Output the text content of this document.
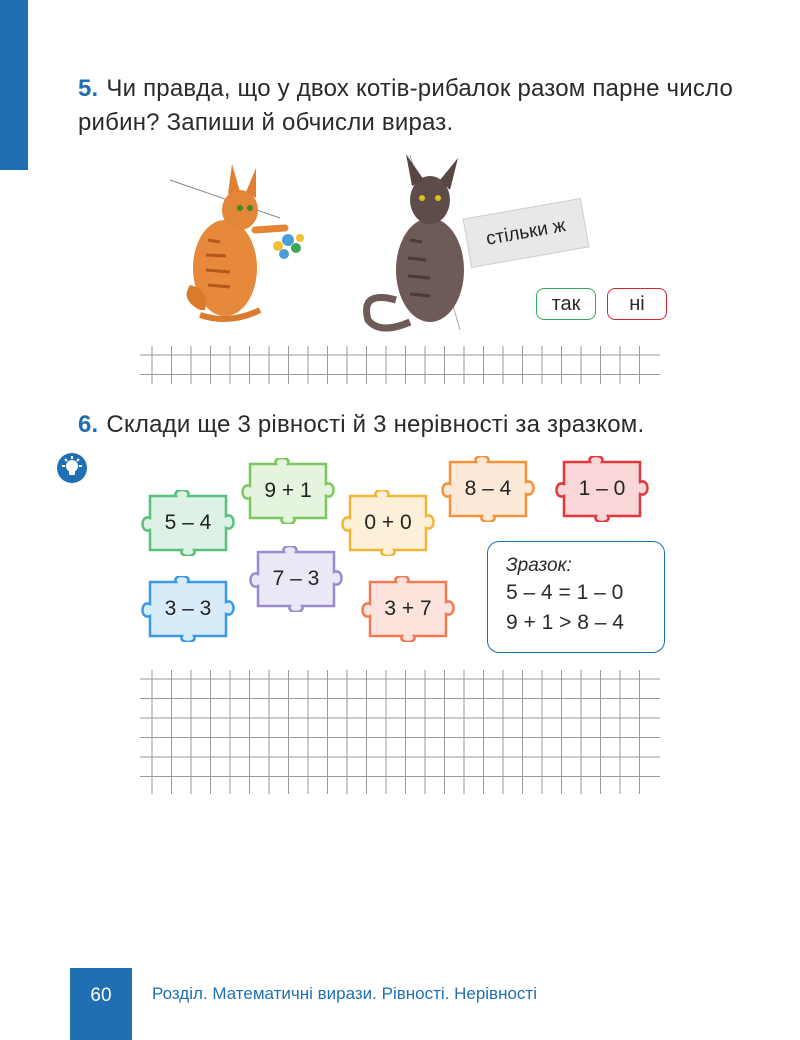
5. Чи правда, що у двох котів-рибалок разом парне число рибин? Запиши й обчисли вираз.
стільки ж
так	ні
6. Склади ще 3 рівності й 3 нерівності за зразком.
9 + 1
5 – 4	0 + 0
8 – 4	1 – 0
7 – 3
3 – 3	3 + 7
Зразок:
5 – 4 = 1 – 0
9 + 1 > 8 – 4
60	Розділ. Математичні вирази. Рівності. Нерівності
